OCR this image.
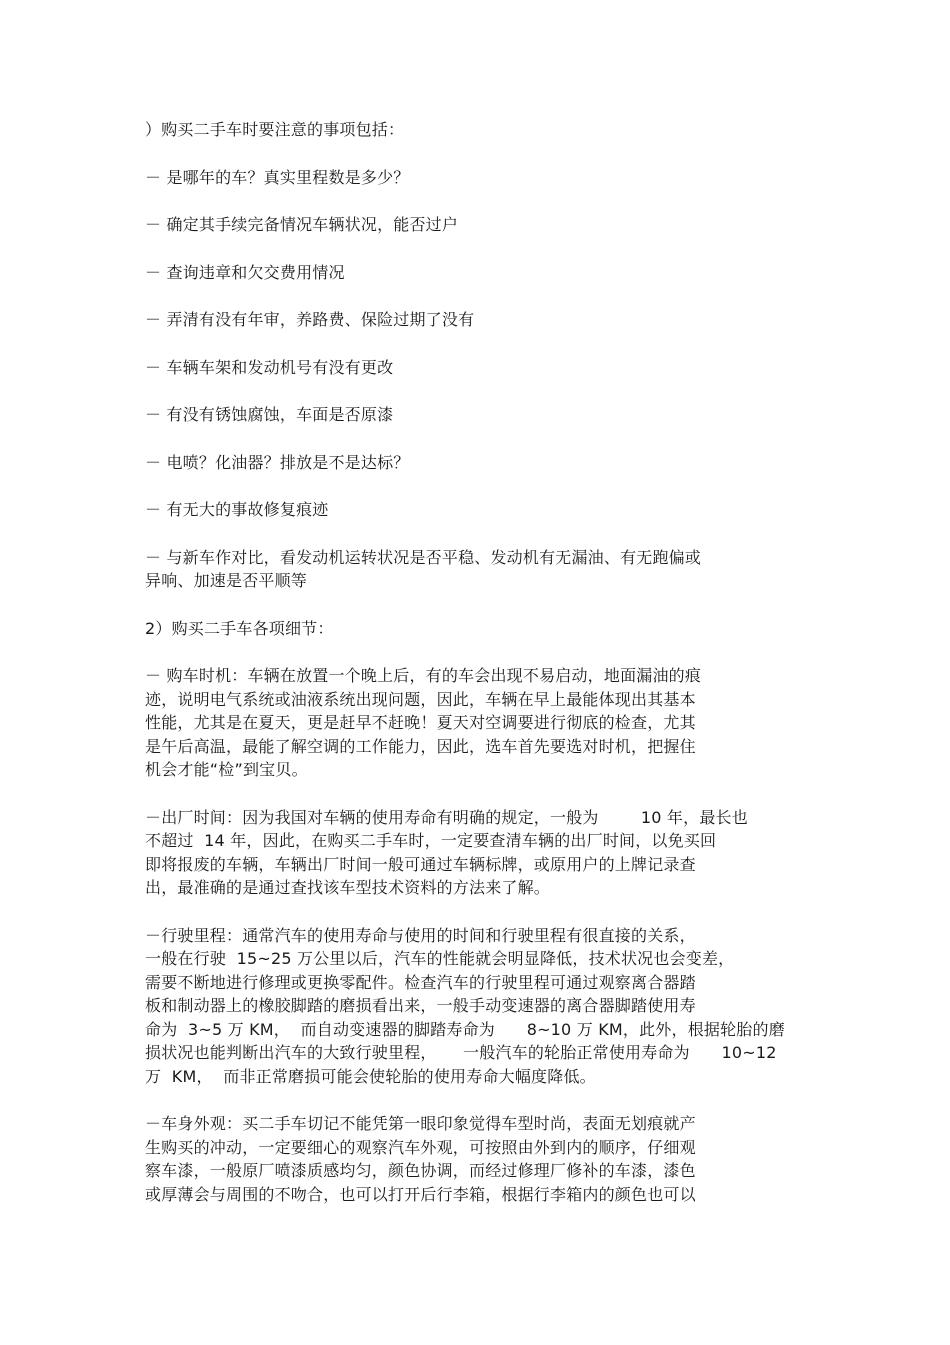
）购买二手车时要注意的事项包括：

－ 是哪年的车？真实里程数是多少？

－ 确定其手续完备情况车辆状况，能否过户

－ 查询违章和欠交费用情况

－ 弄清有没有年审，养路费、保险过期了没有

－ 车辆车架和发动机号有没有更改

－ 有没有锈蚀腐蚀，车面是否原漆

－ 电喷？化油器？排放是不是达标？

－ 有无大的事故修复痕迹

－ 与新车作对比，看发动机运转状况是否平稳、发动机有无漏油、有无跑偏或
异响、加速是否平顺等

2）购买二手车各项细节：

－ 购车时机：车辆在放置一个晚上后，有的车会出现不易启动，地面漏油的痕
迹，说明电气系统或油液系统出现问题，因此，车辆在早上最能体现出其基本
性能，尤其是在夏天，更是赶早不赶晚！夏天对空调要进行彻底的检查，尤其
是午后高温，最能了解空调的工作能力，因此，选车首先要选对时机，把握住
机会才能“检”到宝贝。

－出厂时间：因为我国对车辆的使用寿命有明确的规定，一般为        10 年，最长也
不超过  14 年，因此，在购买二手车时，一定要查清车辆的出厂时间，以免买回
即将报废的车辆，车辆出厂时间一般可通过车辆标牌，或原用户的上牌记录查
出，最准确的是通过查找该车型技术资料的方法来了解。

－行驶里程：通常汽车的使用寿命与使用的时间和行驶里程有很直接的关系，
一般在行驶  15~25 万公里以后，汽车的性能就会明显降低，技术状况也会变差，
需要不断地进行修理或更换零配件。检查汽车的行驶里程可通过观察离合器踏
板和制动器上的橡胶脚踏的磨损看出来，一般手动变速器的离合器脚踏使用寿
命为  3~5 万 KM，  而自动变速器的脚踏寿命为      8~10 万 KM，此外，根据轮胎的磨
损状况也能判断出汽车的大致行驶里程，     一般汽车的轮胎正常使用寿命为      10~12
万  KM，  而非正常磨损可能会使轮胎的使用寿命大幅度降低。

－车身外观：买二手车切记不能凭第一眼印象觉得车型时尚，表面无划痕就产
生购买的冲动，一定要细心的观察汽车外观，可按照由外到内的顺序，仔细观
察车漆，一般原厂喷漆质感均匀，颜色协调，而经过修理厂修补的车漆，漆色
或厚薄会与周围的不吻合，也可以打开后行李箱，根据行李箱内的颜色也可以
